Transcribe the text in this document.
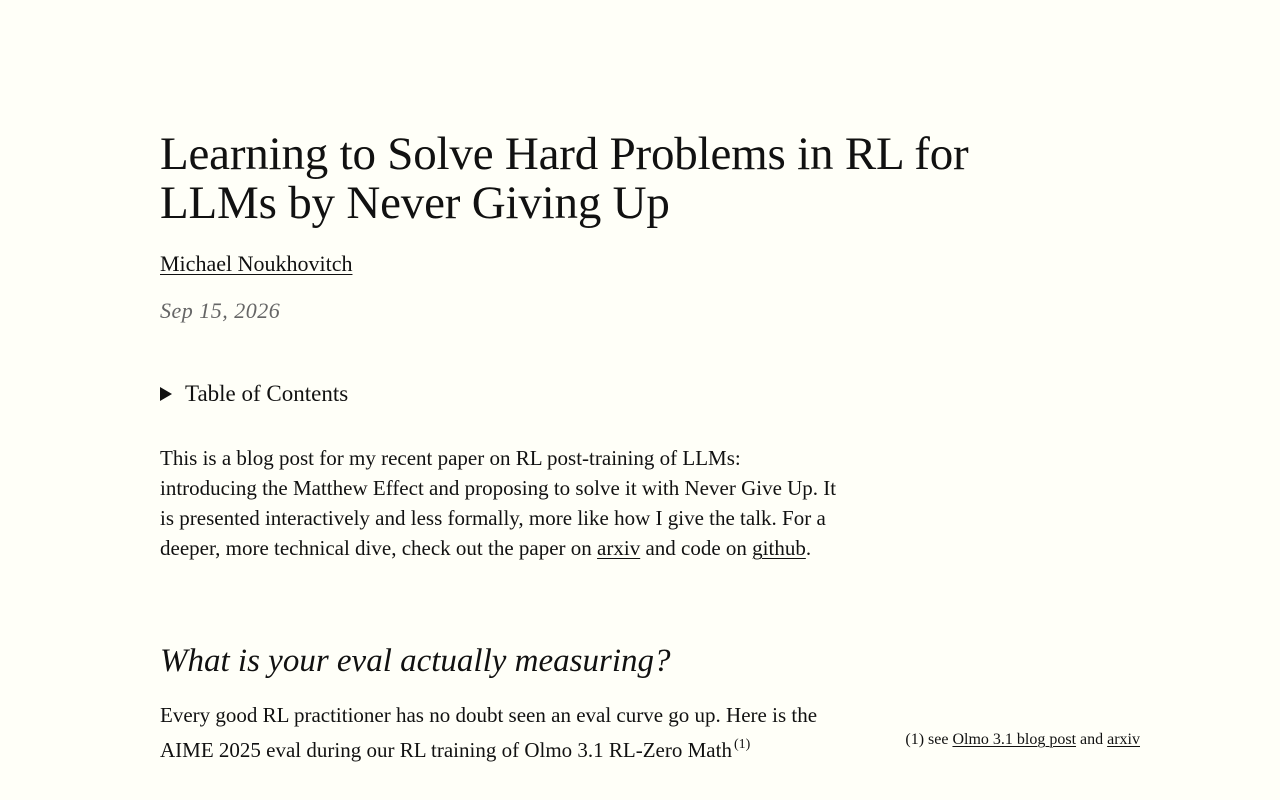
Learning to Solve Hard Problems in RL for LLMs by Never Giving Up
Michael Noukhovitch
Sep 15, 2026
Table of Contents

This is a blog post for my recent paper on RL post-training of LLMs: introducing the Matthew Effect and proposing to solve it with Never Give Up. It is presented interactively and less formally, more like how I give the talk. For a deeper, more technical dive, check out the paper on arxiv and code on github.

What is your eval actually measuring?

Every good RL practitioner has no doubt seen an eval curve go up. Here is the AIME 2025 eval during our RL training of Olmo 3.1 RL-Zero Math $^{(1)}$	(1) see Olmo 3.1 blog post and arxiv
